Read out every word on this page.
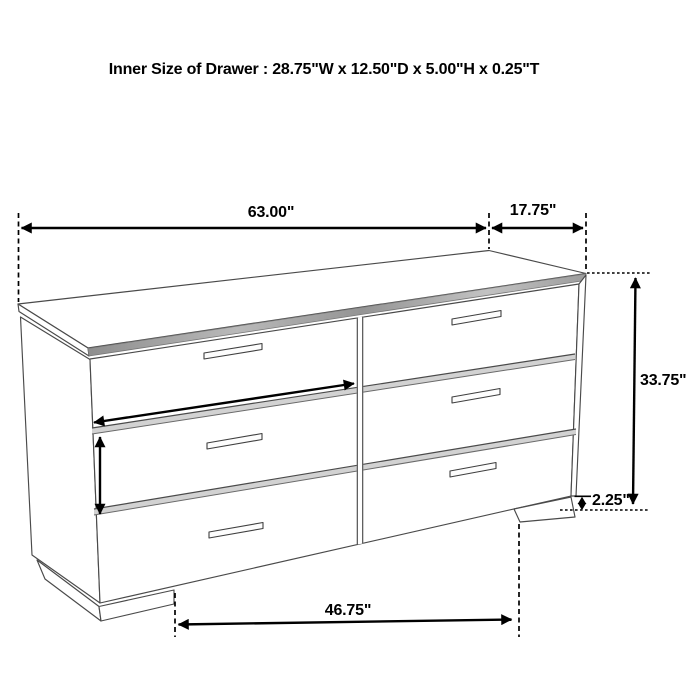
Inner Size of Drawer : 28.75"W x 12.50"D x 5.00"H x 0.25"T
63.00"	17.75"
33.75"
2.25"
46.75"
